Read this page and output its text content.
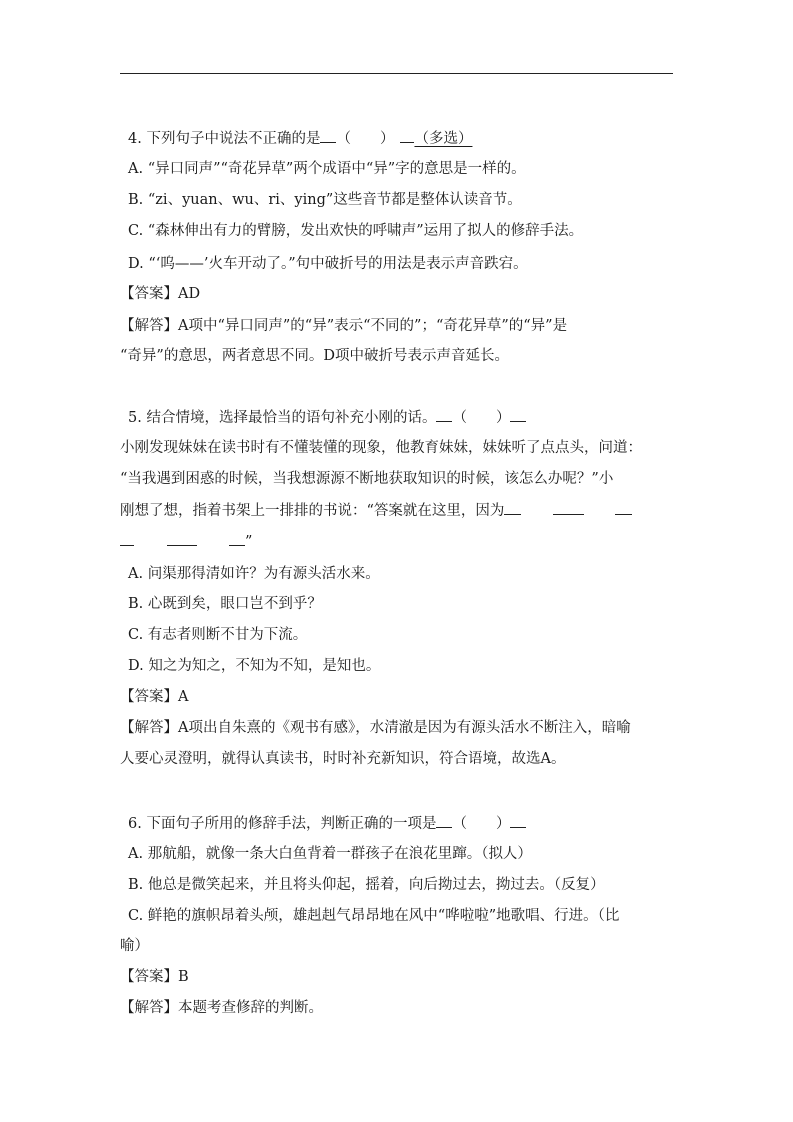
4. 下列句子中说法不正确的是 （　　） （多选）
A. “异口同声”“奇花异草”两个成语中“异”字的意思是一样的。
B. “zi、yuan、wu、ri、ying”这些音节都是整体认读音节。
C. “森林伸出有力的臂膀，发出欢快的呼啸声”运用了拟人的修辞手法。
D. “‘呜——’火车开动了。”句中破折号的用法是表示声音跌宕。
【答案】AD
【解答】A项中“异口同声”的“异”表示“不同的”；“奇花异草”的“异”是
“奇异”的意思，两者意思不同。D项中破折号表示声音延长。
5. 结合情境，选择最恰当的语句补充小刚的话。 （　　）
小刚发现妹妹在读书时有不懂装懂的现象，他教育妹妹，妹妹听了点点头，问道：
“当我遇到困惑的时候，当我想源源不断地获取知识的时候，该怎么办呢？”小
刚想了想，指着书架上一排排的书说：“答案就在这里，因为
”
A. 问渠那得清如许？为有源头活水来。
B. 心既到矣，眼口岂不到乎？
C. 有志者则断不甘为下流。
D. 知之为知之，不知为不知，是知也。
【答案】A
【解答】A项出自朱熹的《观书有感》，水清澈是因为有源头活水不断注入，暗喻
人要心灵澄明，就得认真读书，时时补充新知识，符合语境，故选A。
6. 下面句子所用的修辞手法，判断正确的一项是 （　　）
A. 那航船，就像一条大白鱼背着一群孩子在浪花里蹿。（拟人）
B. 他总是微笑起来，并且将头仰起，摇着，向后拗过去，拗过去。（反复）
C. 鲜艳的旗帜昂着头颅，雄赳赳气昂昂地在风中“哗啦啦”地歌唱、行进。（比
喻）
【答案】B
【解答】本题考查修辞的判断。
